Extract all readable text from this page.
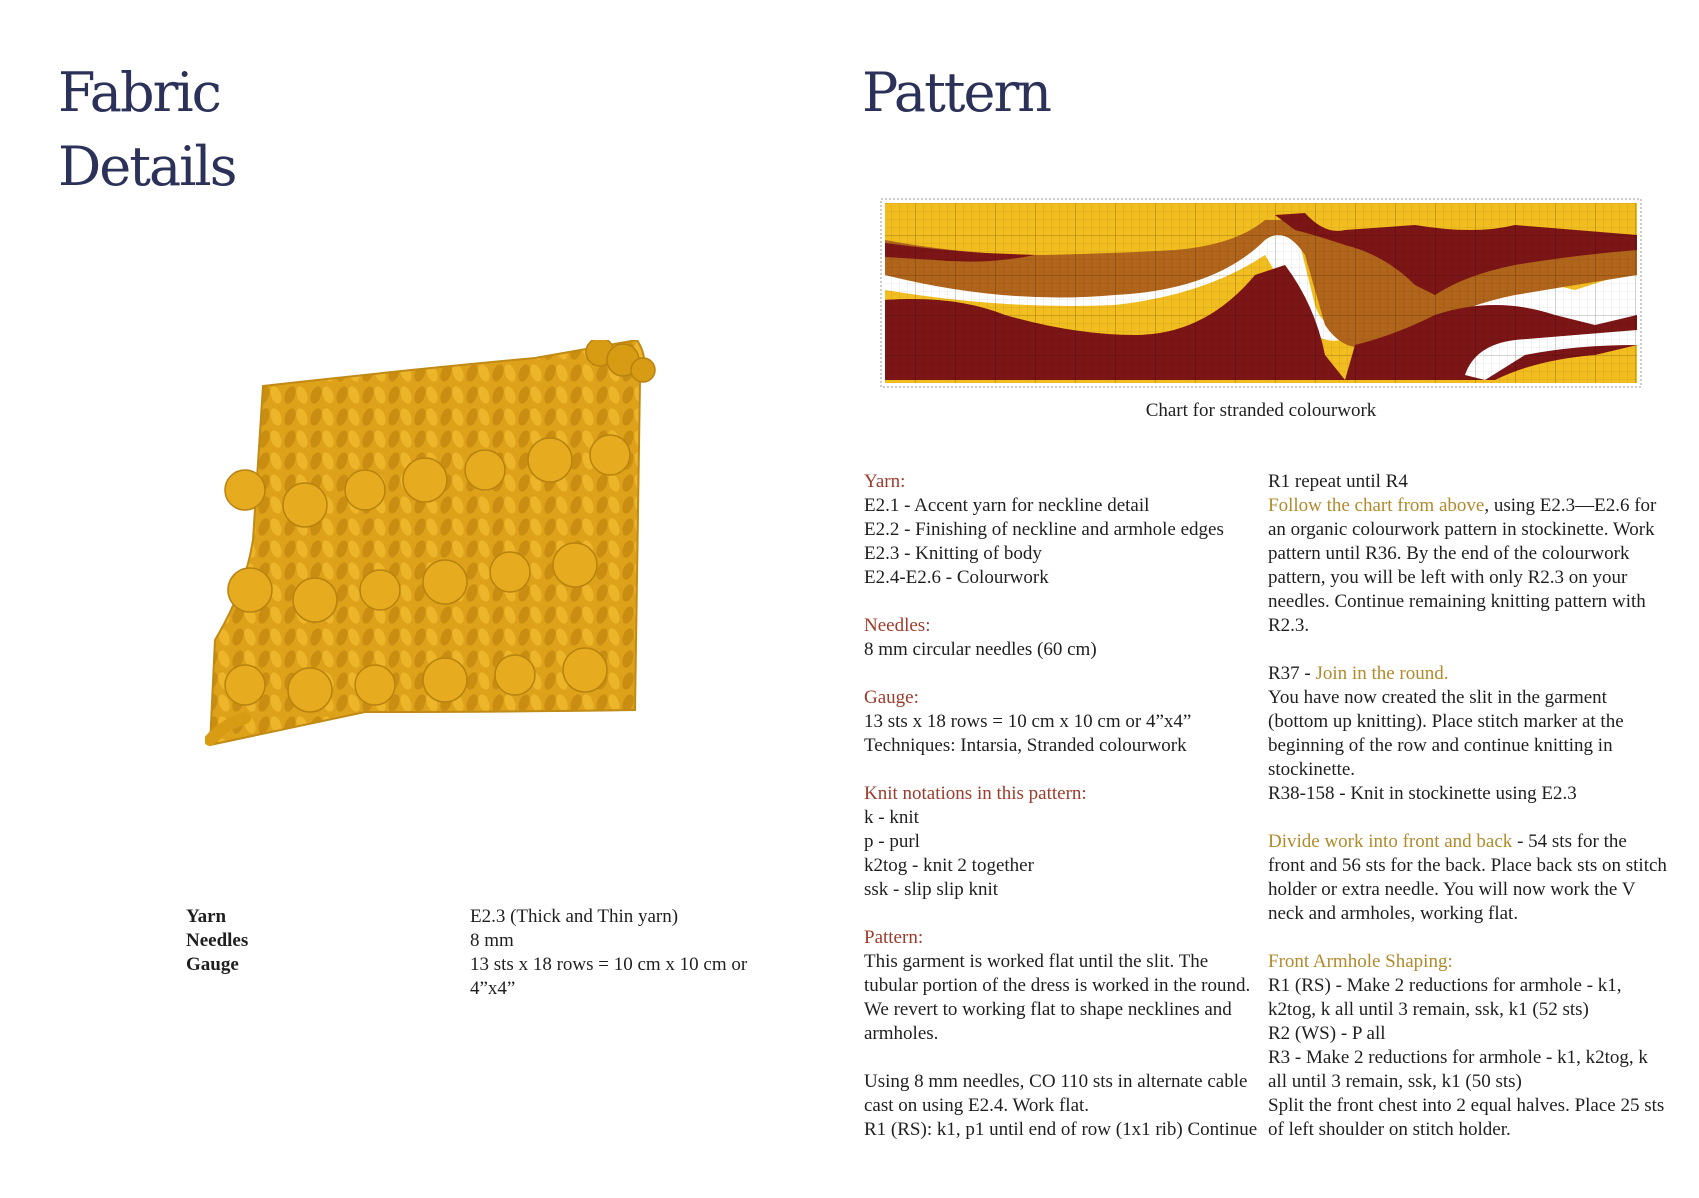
Fabric
Details
Yarn	E2.3 (Thick and Thin yarn)
Needles	8 mm
Gauge	13 sts x 18 rows = 10 cm x 10 cm or 4”x4”
Pattern
Chart for stranded colourwork

Yarn:

E2.1 - Accent yarn for neckline detail

E2.2 - Finishing of neckline and armhole edges

E2.3 - Knitting of body

E2.4-E2.6 - Colourwork

Needles:

8 mm circular needles (60 cm)

Gauge:

13 sts x 18 rows = 10 cm x 10 cm or 4”x4”

Techniques: Intarsia, Stranded colourwork

Knit notations in this pattern:

k - knit

p - purl

k2tog - knit 2 together

ssk - slip slip knit

Pattern:

This garment is worked flat until the slit. The tubular portion of the dress is worked in the round. We revert to working flat to shape necklines and armholes.

Using 8 mm needles, CO 110 sts in alternate cable cast on using E2.4. Work flat.

R1 (RS): k1, p1 until end of row (1x1 rib) Continue

R1 repeat until R4

Follow the chart from above, using E2.3—E2.6 for an organic colourwork pattern in stockinette. Work pattern until R36. By the end of the colourwork pattern, you will be left with only R2.3 on your needles. Continue remaining knitting pattern with R2.3.

R37 - Join in the round.

You have now created the slit in the garment (bottom up knitting). Place stitch marker at the beginning of the row and continue knitting in stockinette.

R38-158 - Knit in stockinette using E2.3

Divide work into front and back - 54 sts for the front and 56 sts for the back. Place back sts on stitch holder or extra needle. You will now work the V neck and armholes, working flat.

Front Armhole Shaping:

R1 (RS) - Make 2 reductions for armhole - k1, k2tog, k all until 3 remain, ssk, k1 (52 sts)

R2 (WS) - P all

R3 - Make 2 reductions for armhole - k1, k2tog, k all until 3 remain, ssk, k1 (50 sts)

Split the front chest into 2 equal halves. Place 25 sts of left shoulder on stitch holder.
